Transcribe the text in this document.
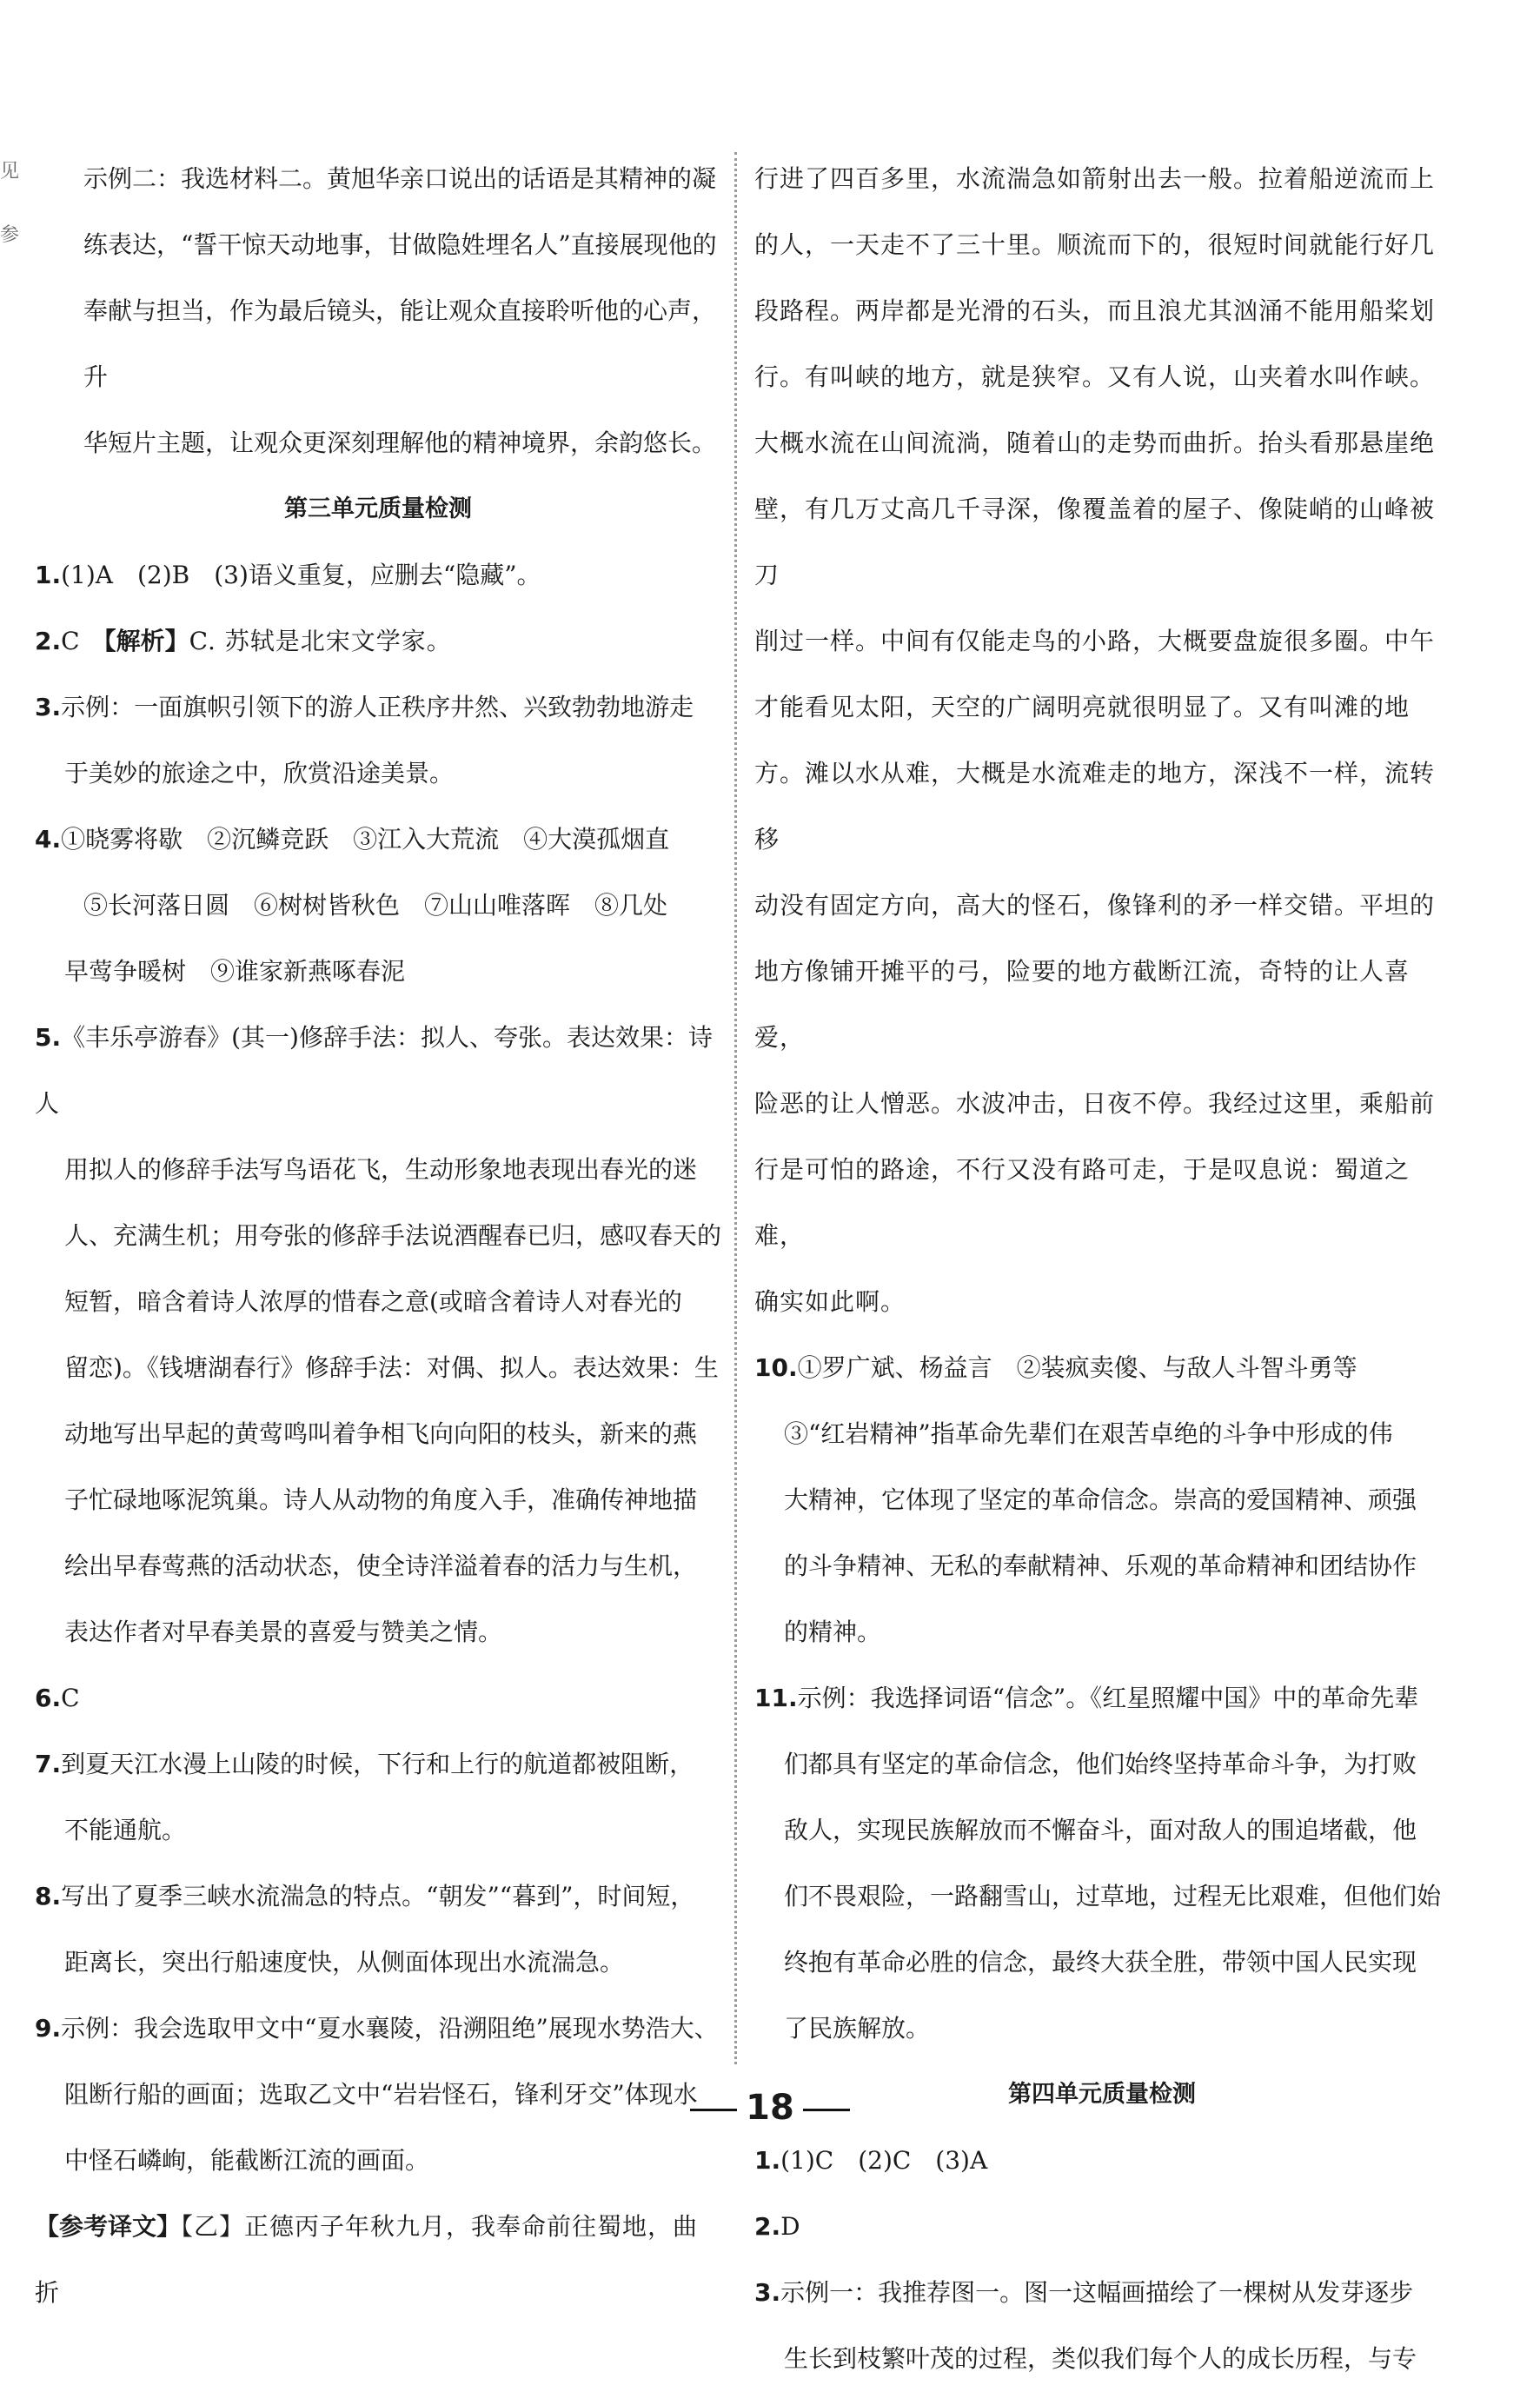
见
参

示例二：我选材料二。黄旭华亲口说出的话语是其精神的凝

练表达，“誓干惊天动地事，甘做隐姓埋名人”直接展现他的

奉献与担当，作为最后镜头，能让观众直接聆听他的心声，升

华短片主题，让观众更深刻理解他的精神境界，余韵悠长。

第三单元质量检测

1.(1)A　(2)B　(3)语义重复，应删去“隐藏”。

2.C　【解析】C. 苏轼是北宋文学家。

3.示例：一面旗帜引领下的游人正秩序井然、兴致勃勃地游走

于美妙的旅途之中，欣赏沿途美景。

4.①晓雾将歇　②沉鳞竞跃　③江入大荒流　④大漠孤烟直

⑤长河落日圆　⑥树树皆秋色　⑦山山唯落晖　⑧几处

早莺争暖树　⑨谁家新燕啄春泥

5.《丰乐亭游春》(其一)修辞手法：拟人、夸张。表达效果：诗人

用拟人的修辞手法写鸟语花飞，生动形象地表现出春光的迷

人、充满生机；用夸张的修辞手法说酒醒春已归，感叹春天的

短暂，暗含着诗人浓厚的惜春之意(或暗含着诗人对春光的

留恋)。《钱塘湖春行》修辞手法：对偶、拟人。表达效果：生

动地写出早起的黄莺鸣叫着争相飞向向阳的枝头，新来的燕

子忙碌地啄泥筑巢。诗人从动物的角度入手，准确传神地描

绘出早春莺燕的活动状态，使全诗洋溢着春的活力与生机，

表达作者对早春美景的喜爱与赞美之情。

6.C

7.到夏天江水漫上山陵的时候，下行和上行的航道都被阻断，

不能通航。

8.写出了夏季三峡水流湍急的特点。“朝发”“暮到”，时间短，

距离长，突出行船速度快，从侧面体现出水流湍急。

9.示例：我会选取甲文中“夏水襄陵，沿溯阻绝”展现水势浩大、

阻断行船的画面；选取乙文中“岩岩怪石，锋利牙交”体现水

中怪石嶙峋，能截断江流的画面。

【参考译文】【乙】正德丙子年秋九月，我奉命前往蜀地，曲折

行进了四百多里，水流湍急如箭射出去一般。拉着船逆流而上

的人，一天走不了三十里。顺流而下的，很短时间就能行好几

段路程。两岸都是光滑的石头，而且浪尤其汹涌不能用船桨划

行。有叫峡的地方，就是狭窄。又有人说，山夹着水叫作峡。

大概水流在山间流淌，随着山的走势而曲折。抬头看那悬崖绝

壁，有几万丈高几千寻深，像覆盖着的屋子、像陡峭的山峰被刀

削过一样。中间有仅能走鸟的小路，大概要盘旋很多圈。中午

才能看见太阳，天空的广阔明亮就很明显了。又有叫滩的地

方。滩以水从难，大概是水流难走的地方，深浅不一样，流转移

动没有固定方向，高大的怪石，像锋利的矛一样交错。平坦的

地方像铺开摊平的弓，险要的地方截断江流，奇特的让人喜爱，

险恶的让人憎恶。水波冲击，日夜不停。我经过这里，乘船前

行是可怕的路途，不行又没有路可走，于是叹息说：蜀道之难，

确实如此啊。

10.①罗广斌、杨益言　②装疯卖傻、与敌人斗智斗勇等

③“红岩精神”指革命先辈们在艰苦卓绝的斗争中形成的伟

大精神，它体现了坚定的革命信念。崇高的爱国精神、顽强

的斗争精神、无私的奉献精神、乐观的革命精神和团结协作

的精神。

11.示例：我选择词语“信念”。《红星照耀中国》中的革命先辈

们都具有坚定的革命信念，他们始终坚持革命斗争，为打败

敌人，实现民族解放而不懈奋斗，面对敌人的围追堵截，他

们不畏艰险，一路翻雪山，过草地，过程无比艰难，但他们始

终抱有革命必胜的信念，最终大获全胜，带领中国人民实现

了民族解放。

第四单元质量检测

1.(1)C　(2)C　(3)A

2.D

3.示例一：我推荐图一。图一这幅画描绘了一棵树从发芽逐步

生长到枝繁叶茂的过程，类似我们每个人的成长历程，与专

18
